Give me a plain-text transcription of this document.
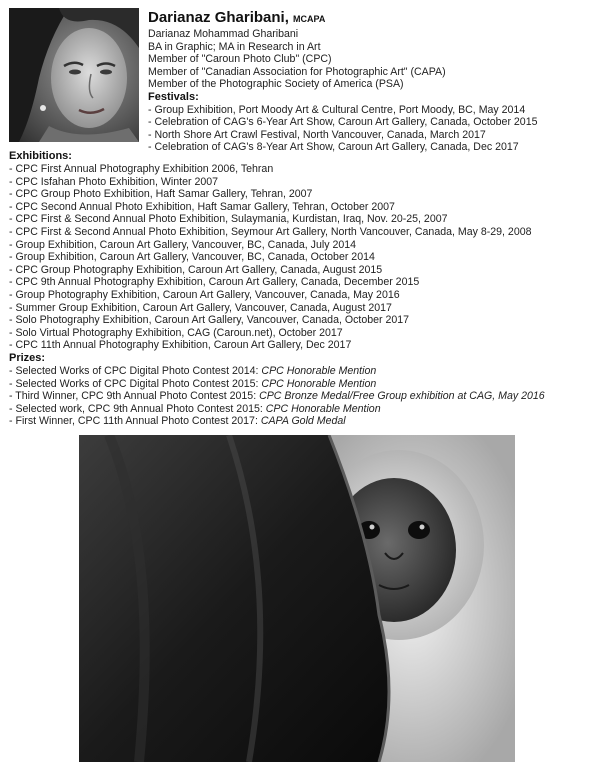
Darianaz Gharibani, MCAPA
Darianaz Mohammad Gharibani
BA in Graphic; MA in Research in Art
Member of "Caroun Photo Club" (CPC)
Member of "Canadian Association for Photographic Art" (CAPA)
Member of the Photographic Society of America (PSA)
Festivals:
- Group Exhibition, Port Moody Art & Cultural Centre, Port Moody, BC, May 2014
- Celebration of CAG's 6-Year Art Show, Caroun Art Gallery, Canada, October 2015
- North Shore Art Crawl Festival, North Vancouver, Canada, March 2017
- Celebration of CAG's 8-Year Art Show, Caroun Art Gallery, Canada, Dec 2017
Exhibitions:
- CPC First Annual Photography Exhibition 2006, Tehran
- CPC Isfahan Photo Exhibition, Winter 2007
- CPC Group Photo Exhibition, Haft Samar Gallery, Tehran, 2007
- CPC Second Annual Photo Exhibition, Haft Samar Gallery, Tehran, October 2007
- CPC First & Second Annual Photo Exhibition, Sulaymania, Kurdistan, Iraq, Nov. 20-25, 2007
- CPC First & Second Annual Photo Exhibition, Seymour Art Gallery, North Vancouver, Canada, May 8-29, 2008
- Group Exhibition, Caroun Art Gallery, Vancouver, BC, Canada, July 2014
- Group Exhibition, Caroun Art Gallery, Vancouver, BC, Canada, October 2014
- CPC Group Photography Exhibition, Caroun Art Gallery, Canada, August 2015
- CPC 9th Annual Photography Exhibition, Caroun Art Gallery, Canada, December 2015
- Group Photography Exhibition, Caroun Art Gallery, Vancouver, Canada, May 2016
- Summer Group Exhibition, Caroun Art Gallery, Vancouver, Canada, August 2017
- Solo Photography Exhibition, Caroun Art Gallery, Vancouver, Canada, October 2017
- Solo Virtual Photography Exhibition, CAG (Caroun.net), October 2017
- CPC 11th Annual Photography Exhibition, Caroun Art Gallery, Dec 2017
Prizes:
- Selected Works of CPC Digital Photo Contest 2014: CPC Honorable Mention
- Selected Works of CPC Digital Photo Contest 2015: CPC Honorable Mention
- Third Winner, CPC 9th Annual Photo Contest 2015: CPC Bronze Medal/Free Group exhibition at CAG, May 2016
- Selected work, CPC 9th Annual Photo Contest 2015: CPC Honorable Mention
- First Winner, CPC 11th Annual Photo Contest 2017: CAPA Gold Medal
